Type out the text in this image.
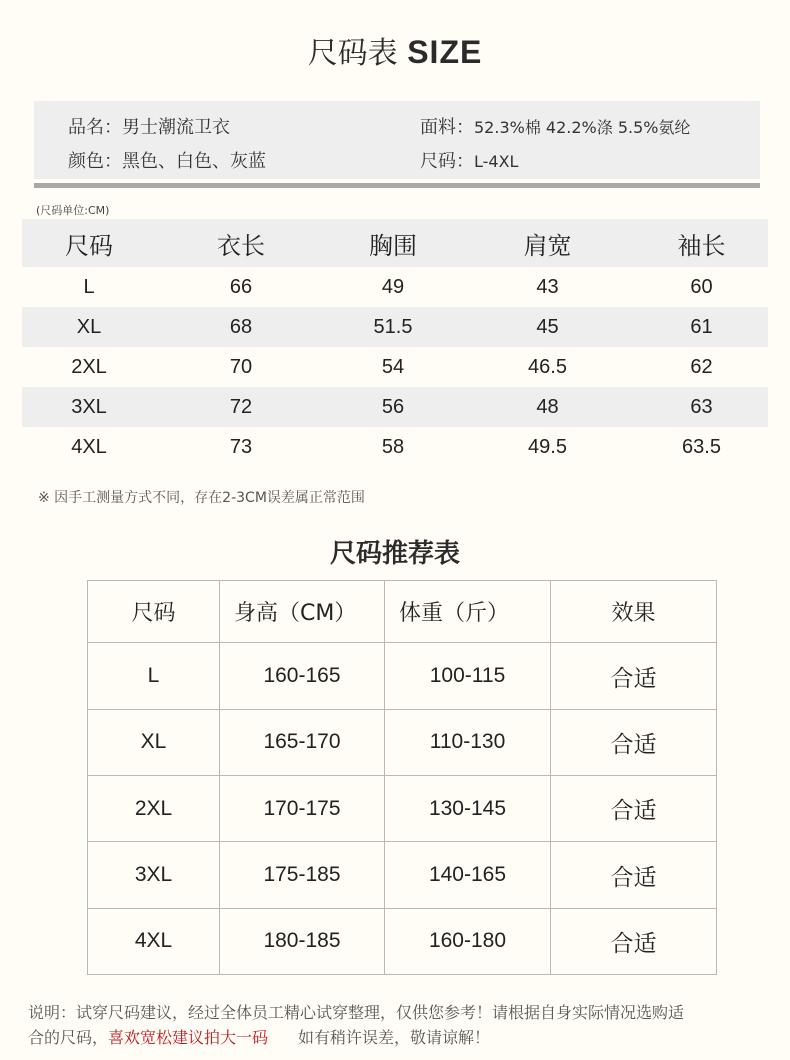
尺码表 SIZE
品名：男士潮流卫衣
颜色：黑色、白色、灰蓝
面料：52.3%棉 42.2%涤 5.5%氨纶
尺码：L-4XL
(尺码单位:CM)
尺码	衣长	胸围	肩宽	袖长
L	66	49	43	60
XL	68	51.5	45	61
2XL	70	54	46.5	62
3XL	72	56	48	63
4XL	73	58	49.5	63.5
※ 因手工测量方式不同，存在2-3CM误差属正常范围
尺码推荐表
尺码	身高（CM）	体重（斤）	效果
L	160-165	100-115	合适
XL	165-170	110-130	合适
2XL	170-175	130-145	合适
3XL	175-185	140-165	合适
4XL	180-185	160-180	合适
说明：试穿尺码建议，经过全体员工精心试穿整理，仅供您参考！请根据自身实际情况选购适
合的尺码，喜欢宽松建议拍大一码 如有稍许误差，敬请谅解！
